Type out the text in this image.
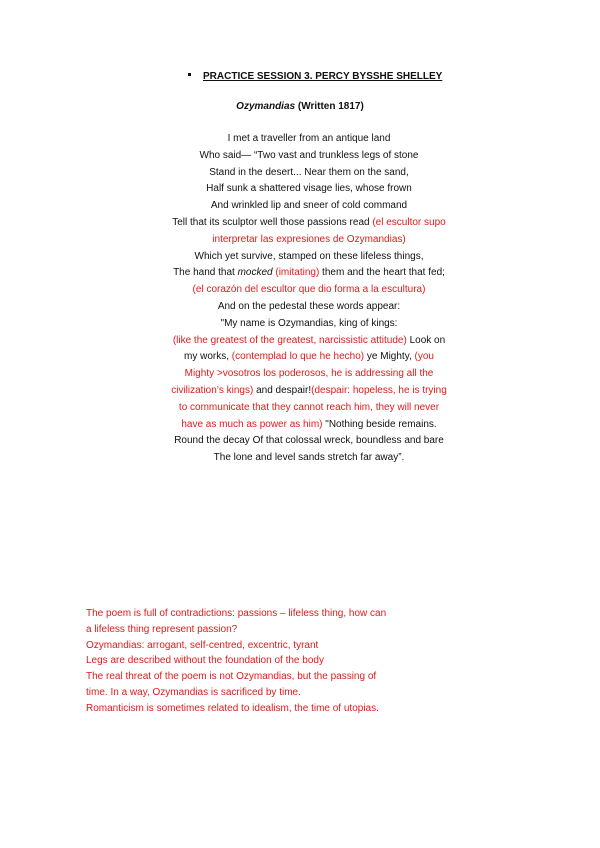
PRACTICE SESSION 3. PERCY BYSSHE SHELLEY
Ozymandias (Written 1817)
I met a traveller from an antique land
Who said— “Two vast and trunkless legs of stone
Stand in the desert... Near them on the sand,
Half sunk a shattered visage lies, whose frown
And wrinkled lip and sneer of cold command
Tell that its sculptor well those passions read (el escultor supo interpretar las expresiones de Ozymandias)
Which yet survive, stamped on these lifeless things,
The hand that mocked (imitating) them and the heart that fed; (el corazón del escultor que dio forma a la escultura)
And on the pedestal these words appear:
"My name is Ozymandias, king of kings:
(like the greatest of the greatest, narcissistic attitude) Look on my works, (contemplad lo que he hecho) ye Mighty, (you Mighty >vosotros los poderosos, he is addressing all the civilization’s kings) and despair!(despair: hopeless, he is trying to communicate that they cannot reach him, they will never have as much as power as him) "Nothing beside remains. Round the decay Of that colossal wreck, boundless and bare The lone and level sands stretch far away”.
The poem is full of contradictions: passions – lifeless thing, how can
a lifeless thing represent passion?
Ozymandias: arrogant, self-centred, excentric, tyrant
Legs are described without the foundation of the body
The real threat of the poem is not Ozymandias, but the passing of
time. In a way, Ozymandias is sacrificed by time.
Romanticism is sometimes related to idealism, the time of utopias.
